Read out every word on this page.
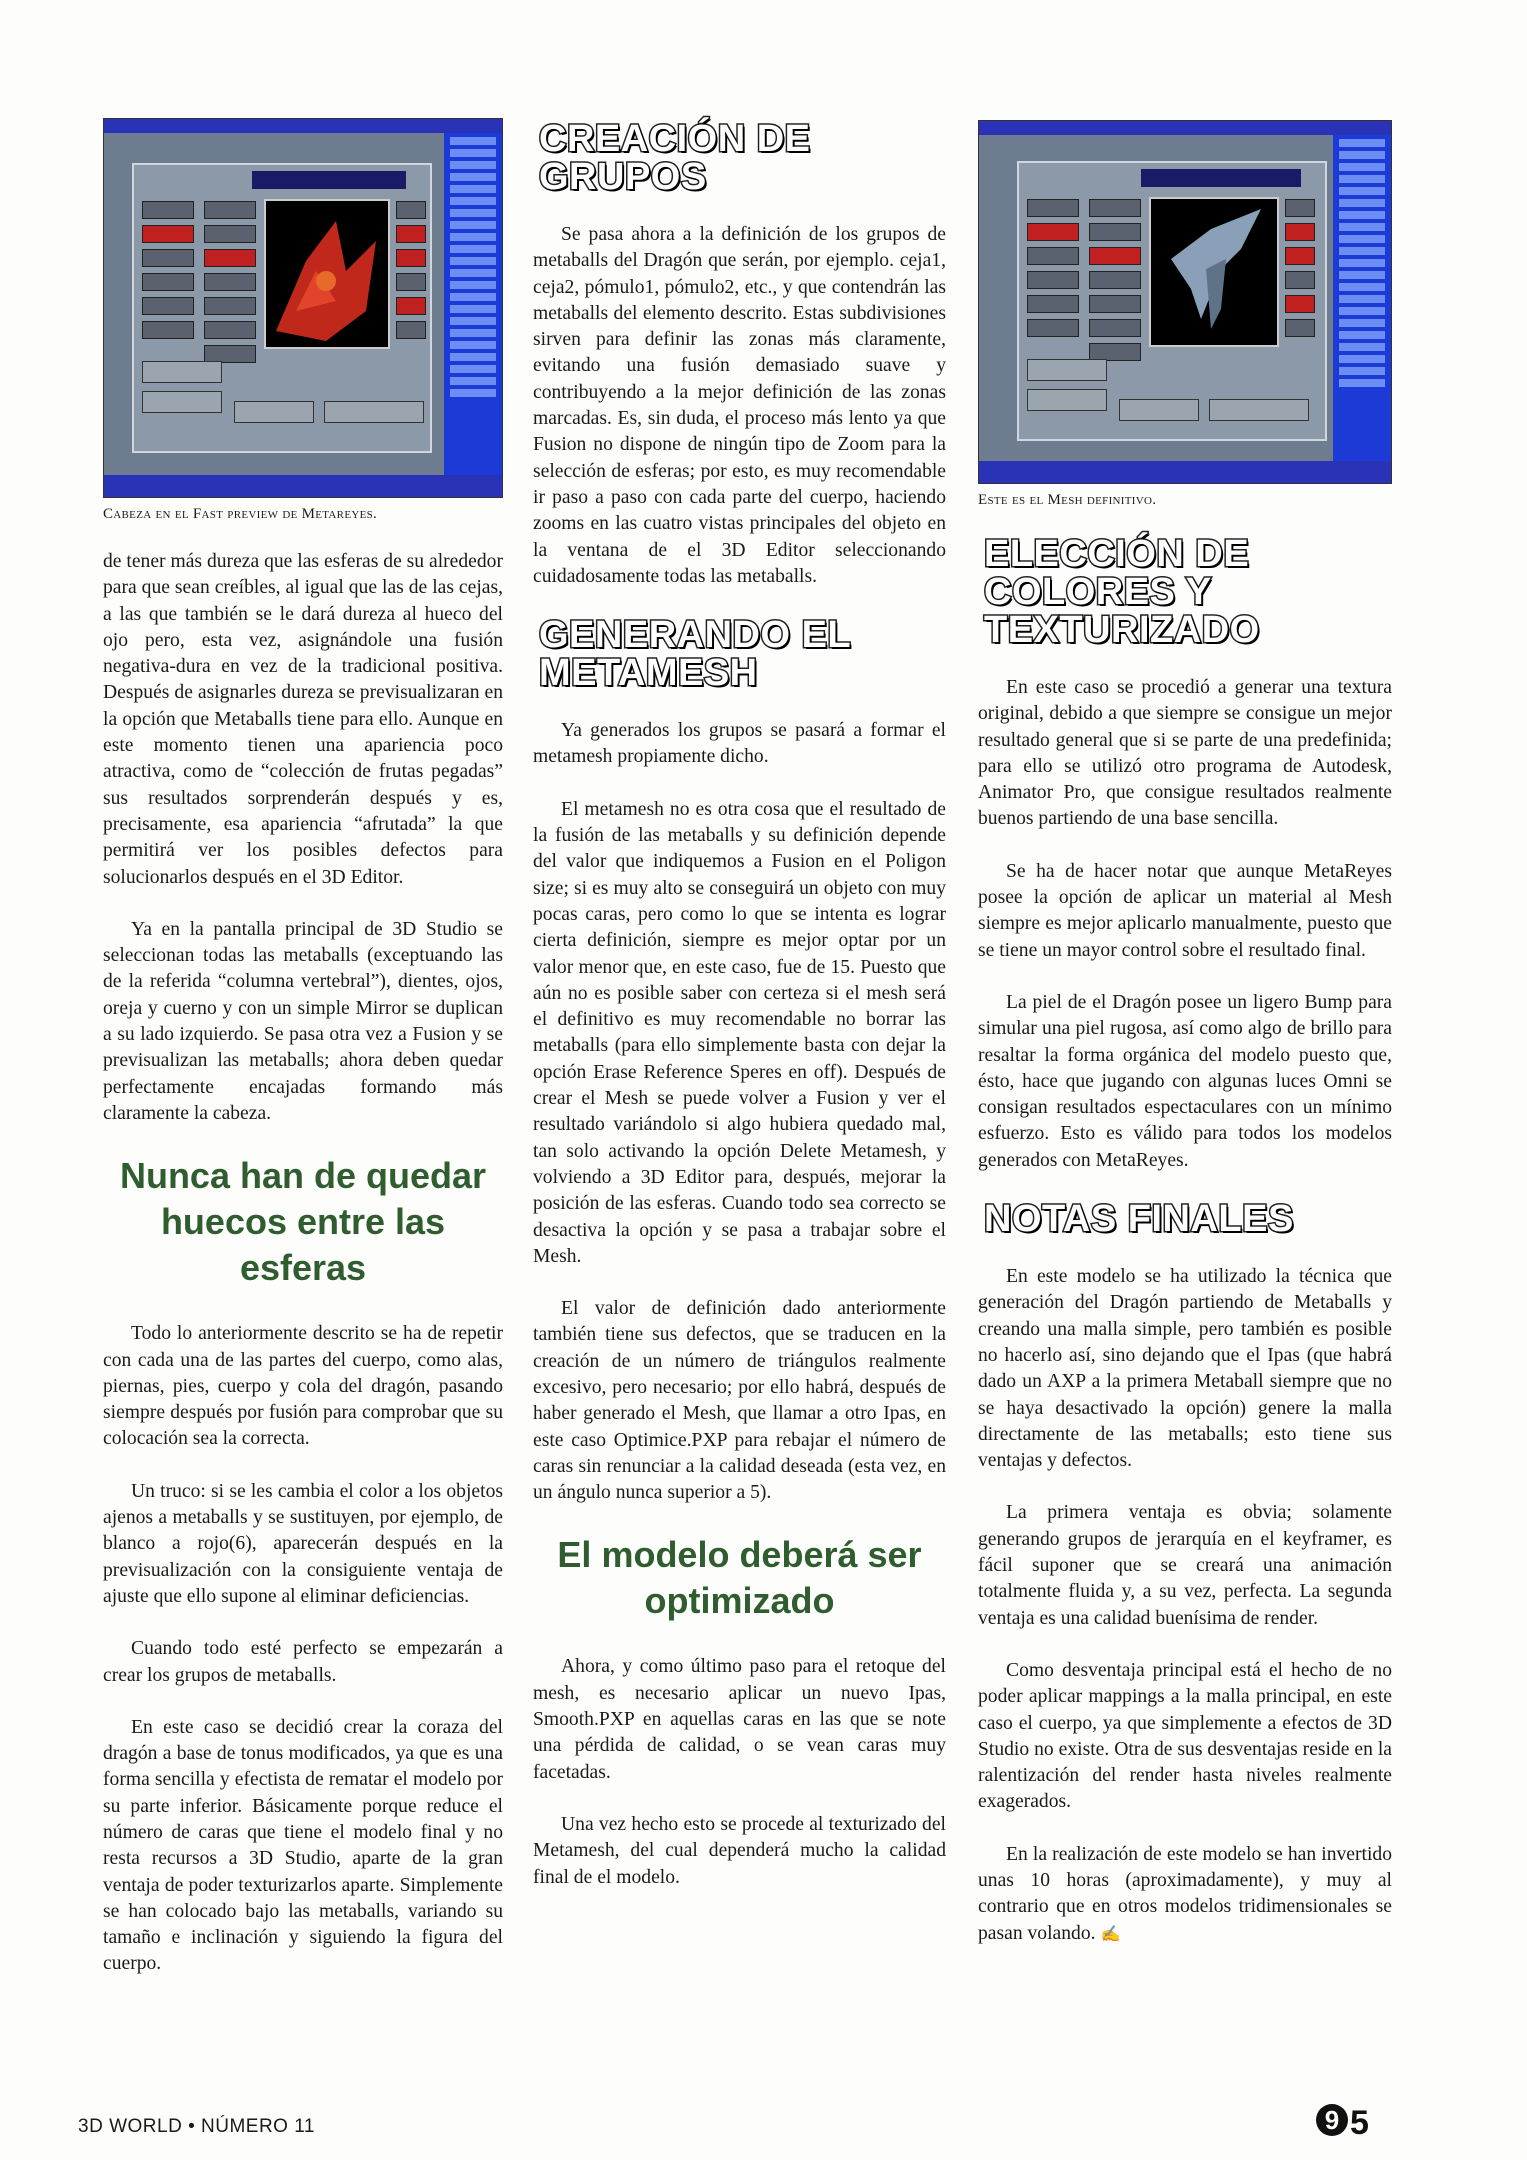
Cabeza en el Fast preview de Metareyes.

de tener más dureza que las esferas de su alrededor para que sean creíbles, al igual que las de las cejas, a las que también se le dará dureza al hueco del ojo pero, esta vez, asignándole una fusión negativa-dura en vez de la tradicional positiva. Después de asignarles dureza se previsualizaran en la opción que Metaballs tiene para ello. Aunque en este momento tienen una apariencia poco atractiva, como de “colección de frutas pegadas” sus resultados sorprenderán después y es, precisamente, esa apariencia “afrutada” la que permitirá ver los posibles defectos para solucionarlos después en el 3D Editor.

Ya en la pantalla principal de 3D Studio se seleccionan todas las metaballs (exceptuando las de la referida “columna vertebral”), dientes, ojos, oreja y cuerno y con un simple Mirror se duplican a su lado izquierdo. Se pasa otra vez a Fusion y se previsualizan las metaballs; ahora deben quedar perfectamente encajadas formando más claramente la cabeza.

Nunca han de quedar huecos entre las esferas

Todo lo anteriormente descrito se ha de repetir con cada una de las partes del cuerpo, como alas, piernas, pies, cuerpo y cola del dragón, pasando siempre después por fusión para comprobar que su colocación sea la correcta.

Un truco: si se les cambia el color a los objetos ajenos a metaballs y se sustituyen, por ejemplo, de blanco a rojo(6), aparecerán después en la previsualización con la consiguiente ventaja de ajuste que ello supone al eliminar deficiencias.

Cuando todo esté perfecto se empezarán a crear los grupos de metaballs.

En este caso se decidió crear la coraza del dragón a base de tonus modificados, ya que es una forma sencilla y efectista de rematar el modelo por su parte inferior. Básicamente porque reduce el número de caras que tiene el modelo final y no resta recursos a 3D Studio, aparte de la gran ventaja de poder texturizarlos aparte. Simplemente se han colocado bajo las metaballs, variando su tamaño e inclinación y siguiendo la figura del cuerpo.

CREACIÓN DE GRUPOS

Se pasa ahora a la definición de los grupos de metaballs del Dragón que serán, por ejemplo. ceja1, ceja2, pómulo1, pómulo2, etc., y que contendrán las metaballs del elemento descrito. Estas subdivisiones sirven para definir las zonas más claramente, evitando una fusión demasiado suave y contribuyendo a la mejor definición de las zonas marcadas. Es, sin duda, el proceso más lento ya que Fusion no dispone de ningún tipo de Zoom para la selección de esferas; por esto, es muy recomendable ir paso a paso con cada parte del cuerpo, haciendo zooms en las cuatro vistas principales del objeto en la ventana de el 3D Editor seleccionando cuidadosamente todas las metaballs.

GENERANDO EL METAMESH

Ya generados los grupos se pasará a formar el metamesh propiamente dicho.

El metamesh no es otra cosa que el resultado de la fusión de las metaballs y su definición depende del valor que indiquemos a Fusion en el Poligon size; si es muy alto se conseguirá un objeto con muy pocas caras, pero como lo que se intenta es lograr cierta definición, siempre es mejor optar por un valor menor que, en este caso, fue de 15. Puesto que aún no es posible saber con certeza si el mesh será el definitivo es muy recomendable no borrar las metaballs (para ello simplemente basta con dejar la opción Erase Reference Speres en off). Después de crear el Mesh se puede volver a Fusion y ver el resultado variándolo si algo hubiera quedado mal, tan solo activando la opción Delete Metamesh, y volviendo a 3D Editor para, después, mejorar la posición de las esferas. Cuando todo sea correcto se desactiva la opción y se pasa a trabajar sobre el Mesh.

El valor de definición dado anteriormente también tiene sus defectos, que se traducen en la creación de un número de triángulos realmente excesivo, pero necesario; por ello habrá, después de haber generado el Mesh, que llamar a otro Ipas, en este caso Optimice.PXP para rebajar el número de caras sin renunciar a la calidad deseada (esta vez, en un ángulo nunca superior a 5).

El modelo deberá ser optimizado

Ahora, y como último paso para el retoque del mesh, es necesario aplicar un nuevo Ipas, Smooth.PXP en aquellas caras en las que se note una pérdida de calidad, o se vean caras muy facetadas.

Una vez hecho esto se procede al texturizado del Metamesh, del cual dependerá mucho la calidad final de el modelo.

Este es el Mesh definitivo.
ELECCIÓN DE COLORES Y TEXTURIZADO

En este caso se procedió a generar una textura original, debido a que siempre se consigue un mejor resultado general que si se parte de una predefinida; para ello se utilizó otro programa de Autodesk, Animator Pro, que consigue resultados realmente buenos partiendo de una base sencilla.

Se ha de hacer notar que aunque MetaReyes posee la opción de aplicar un material al Mesh siempre es mejor aplicarlo manualmente, puesto que se tiene un mayor control sobre el resultado final.

La piel de el Dragón posee un ligero Bump para simular una piel rugosa, así como algo de brillo para resaltar la forma orgánica del modelo puesto que, ésto, hace que jugando con algunas luces Omni se consigan resultados espectaculares con un mínimo esfuerzo. Esto es válido para todos los modelos generados con MetaReyes.

NOTAS FINALES

En este modelo se ha utilizado la técnica que generación del Dragón partiendo de Metaballs y creando una malla simple, pero también es posible no hacerlo así, sino dejando que el Ipas (que habrá dado un AXP a la primera Metaball siempre que no se haya desactivado la opción) genere la malla directamente de las metaballs; esto tiene sus ventajas y defectos.

La primera ventaja es obvia; solamente generando grupos de jerarquía en el keyframer, es fácil suponer que se creará una animación totalmente fluida y, a su vez, perfecta. La segunda ventaja es una calidad buenísima de render.

Como desventaja principal está el hecho de no poder aplicar mappings a la malla principal, en este caso el cuerpo, ya que simplemente a efectos de 3D Studio no existe. Otra de sus desventajas reside en la ralentización del render hasta niveles realmente exagerados.

En la realización de este modelo se han invertido unas 10 horas (aproximadamente), y muy al contrario que en otros modelos tridimensionales se pasan volando. ✍

3D WORLD • NÚMERO 11	9 5
